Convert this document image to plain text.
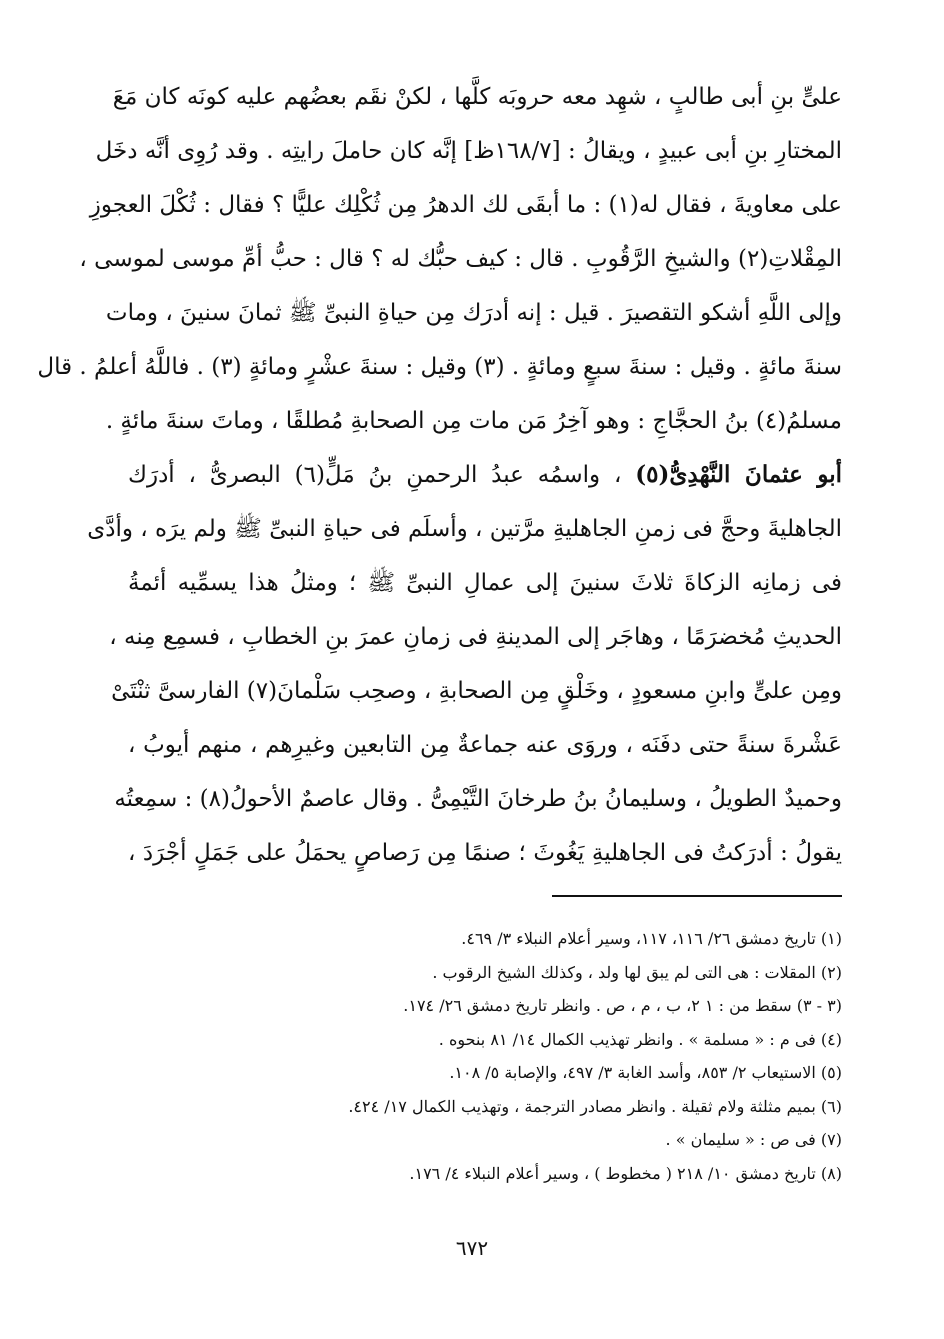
علىٍّ بنِ أبى طالبٍ ، شهِد معه حروبَه كلَّها ، لكنْ نقَم بعضُهم عليه كونَه كان مَعَ
المختارِ بنِ أبى عبيدٍ ، ويقالُ : [١٦٨/٧ظ] إنَّه كان حاملَ رايتِه . وقد رُوِى أنَّه دخَل
على معاويةَ ، فقال له(١) : ما أبقَى لك الدهرُ مِن ثُكْلِك عليًّا ؟ فقال : ثُكْلَ العجوزِ
المِقْلاتِ(٢) والشيخِ الرَّقُوبِ . قال : كيف حبُّك له ؟ قال : حبُّ أمِّ موسى لموسى ،
وإلى اللَّهِ أشكو التقصيرَ . قيل : إنه أدرَك مِن حياةِ النبىِّ ﷺ ثمانَ سنينَ ، ومات
سنةَ مائةٍ . وقيل : سنةَ سبعٍ ومائةٍ . (٣) وقيل : سنةَ عشْرٍ ومائةٍ (٣) . فاللَّهُ أعلمُ . قال
مسلمُ(٤) بنُ الحجَّاجِ : وهو آخِرُ مَن مات مِن الصحابةِ مُطلقًا ، وماتَ سنةَ مائةٍ .
أبو عثمانَ النَّهْدِىُّ(٥) ، واسمُه عبدُ الرحمنِ بنُ مَلٍّ(٦) البصرىُّ ، أدرَك
الجاهليةَ وحجَّ فى زمنِ الجاهليةِ مرَّتين ، وأسلَم فى حياةِ النبىِّ ﷺ ولم يرَه ، وأدَّى
فى زمانِه الزكاةَ ثلاثَ سنينَ إلى عمالِ النبىِّ ﷺ ؛ ومثلُ هذا يسمِّيه أئمةُ
الحديثِ مُخضرَمًا ، وهاجَر إلى المدينةِ فى زمانِ عمرَ بنِ الخطابِ ، فسمِع مِنه ،
ومِن علىٍّ وابنِ مسعودٍ ، وخَلْقٍ مِن الصحابةِ ، وصحِب سَلْمانَ(٧) الفارسىَّ ثنْتَىْ
عَشْرةَ سنةً حتى دفَنَه ، وروَى عنه جماعةٌ مِن التابعين وغيرِهم ، منهم أيوبُ ،
وحميدٌ الطويلُ ، وسليمانُ بنُ طرخانَ التَّيْمِىُّ . وقال عاصمٌ الأحولُ(٨) : سمِعتُه
يقولُ : أدرَكتُ فى الجاهليةِ يَغُوثَ ؛ صنمًا مِن رَصاصٍ يحمَلُ على جَمَلٍ أجْرَدَ ،
(١) تاريخ دمشق ٢٦/ ١١٦، ١١٧، وسير أعلام النبلاء ٣/ ٤٦٩.
(٢) المقلات : هى التى لم يبق لها ولد ، وكذلك الشيخ الرقوب .
(٣ - ٣) سقط من : ١ ٢، ب ، م ، ص . وانظر تاريخ دمشق ٢٦/ ١٧٤.
(٤) فى م : « مسلمة » . وانظر تهذيب الكمال ١٤/ ٨١ بنحوه .
(٥) الاستيعاب ٢/ ٨٥٣، وأسد الغابة ٣/ ٤٩٧، والإصابة ٥/ ١٠٨.
(٦) بميم مثلثة ولام ثقيلة . وانظر مصادر الترجمة ، وتهذيب الكمال ١٧/ ٤٢٤.
(٧) فى ص : « سليمان » .
(٨) تاريخ دمشق ١٠/ ٢١٨ ( مخطوط ) ، وسير أعلام النبلاء ٤/ ١٧٦.
٦٧٢
